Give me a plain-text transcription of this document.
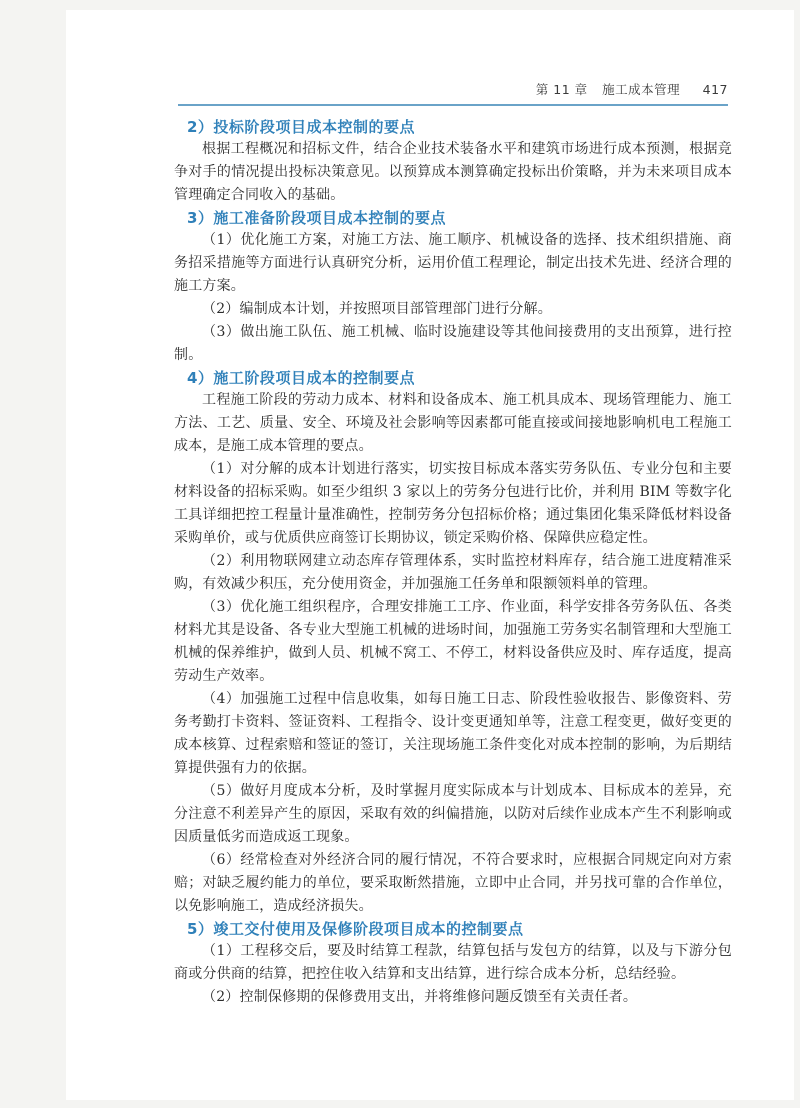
第 11 章 施工成本管理 417
2）投标阶段项目成本控制的要点

根据工程概况和招标文件，结合企业技术装备水平和建筑市场进行成本预测，根据竞争对手的情况提出投标决策意见。以预算成本测算确定投标出价策略，并为未来项目成本管理确定合同收入的基础。

3）施工准备阶段项目成本控制的要点

（1）优化施工方案，对施工方法、施工顺序、机械设备的选择、技术组织措施、商务招采措施等方面进行认真研究分析，运用价值工程理论，制定出技术先进、经济合理的施工方案。

（2）编制成本计划，并按照项目部管理部门进行分解。

（3）做出施工队伍、施工机械、临时设施建设等其他间接费用的支出预算，进行控制。

4）施工阶段项目成本的控制要点

工程施工阶段的劳动力成本、材料和设备成本、施工机具成本、现场管理能力、施工方法、工艺、质量、安全、环境及社会影响等因素都可能直接或间接地影响机电工程施工成本，是施工成本管理的要点。

（1）对分解的成本计划进行落实，切实按目标成本落实劳务队伍、专业分包和主要材料设备的招标采购。如至少组织 3 家以上的劳务分包进行比价，并利用 BIM 等数字化工具详细把控工程量计量准确性，控制劳务分包招标价格；通过集团化集采降低材料设备采购单价，或与优质供应商签订长期协议，锁定采购价格、保障供应稳定性。

（2）利用物联网建立动态库存管理体系，实时监控材料库存，结合施工进度精准采购，有效减少积压，充分使用资金，并加强施工任务单和限额领料单的管理。

（3）优化施工组织程序，合理安排施工工序、作业面，科学安排各劳务队伍、各类材料尤其是设备、各专业大型施工机械的进场时间，加强施工劳务实名制管理和大型施工机械的保养维护，做到人员、机械不窝工、不停工，材料设备供应及时、库存适度，提高劳动生产效率。

（4）加强施工过程中信息收集，如每日施工日志、阶段性验收报告、影像资料、劳务考勤打卡资料、签证资料、工程指令、设计变更通知单等，注意工程变更，做好变更的成本核算、过程索赔和签证的签订，关注现场施工条件变化对成本控制的影响，为后期结算提供强有力的依据。

（5）做好月度成本分析，及时掌握月度实际成本与计划成本、目标成本的差异，充分注意不利差异产生的原因，采取有效的纠偏措施，以防对后续作业成本产生不利影响或因质量低劣而造成返工现象。

（6）经常检查对外经济合同的履行情况，不符合要求时，应根据合同规定向对方索赔；对缺乏履约能力的单位，要采取断然措施，立即中止合同，并另找可靠的合作单位，以免影响施工，造成经济损失。

5）竣工交付使用及保修阶段项目成本的控制要点

（1）工程移交后，要及时结算工程款，结算包括与发包方的结算，以及与下游分包商或分供商的结算，把控住收入结算和支出结算，进行综合成本分析，总结经验。

（2）控制保修期的保修费用支出，并将维修问题反馈至有关责任者。
